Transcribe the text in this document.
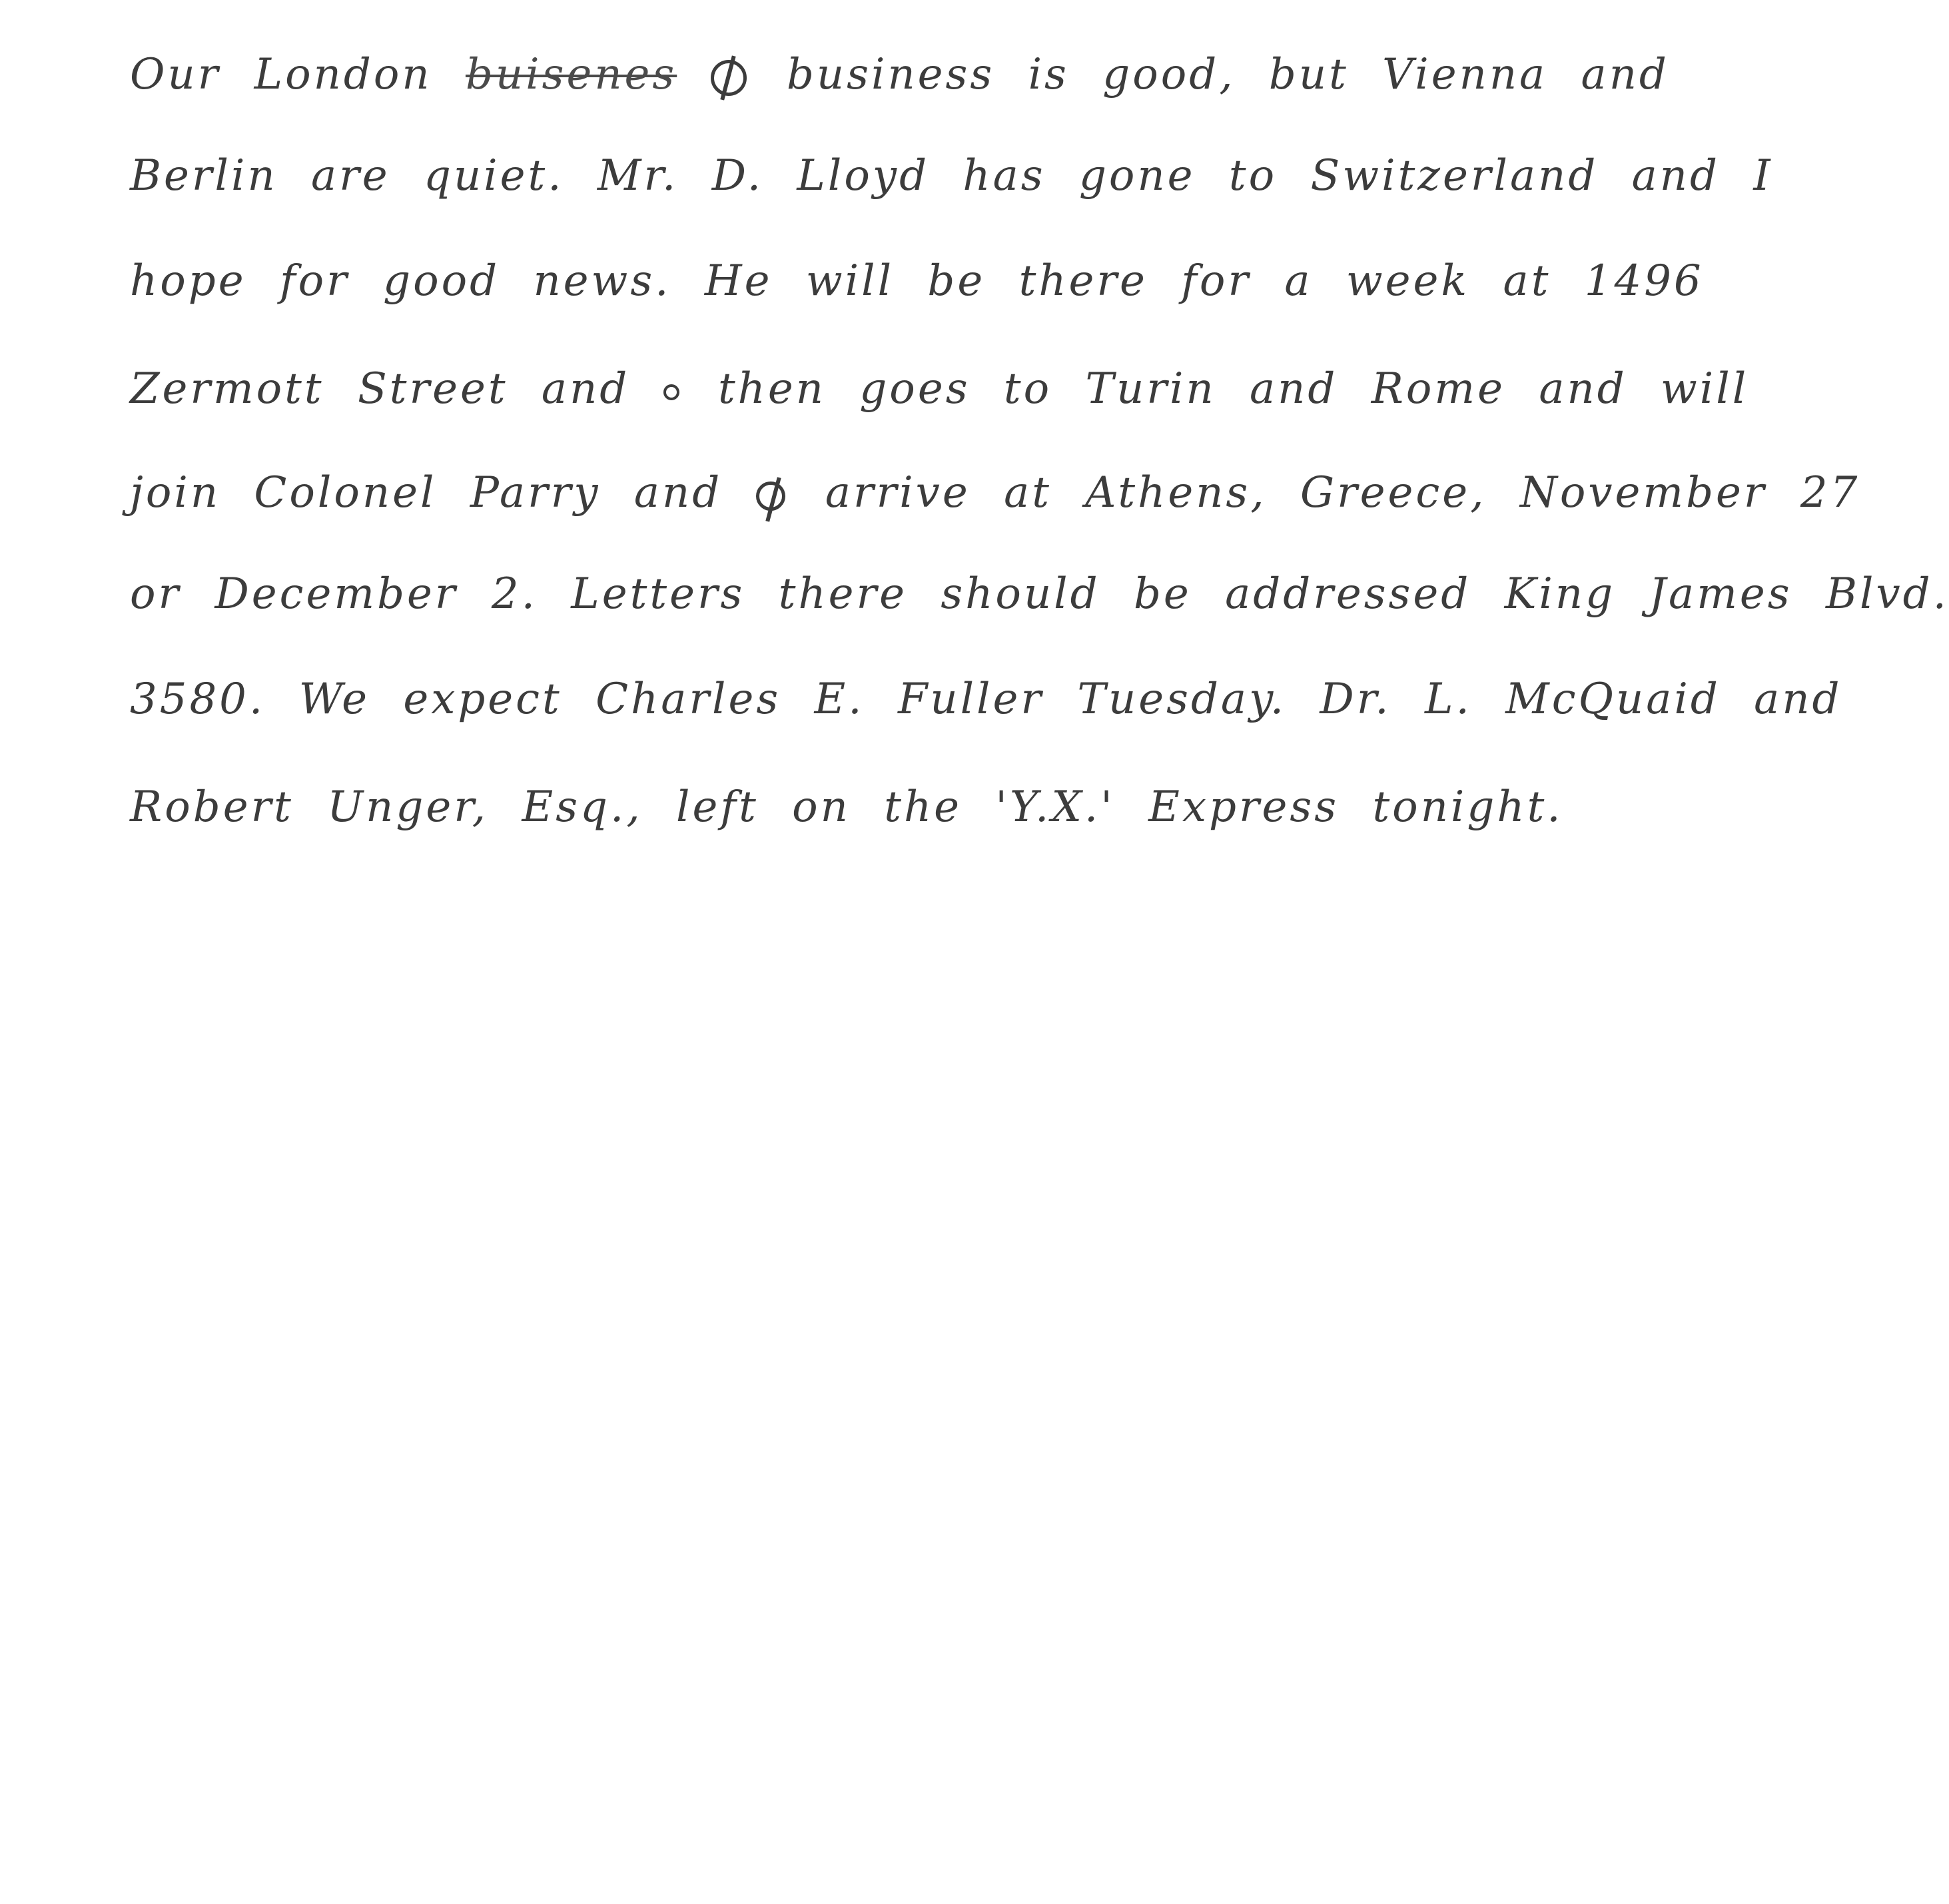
Our London buisenes	business is good, but Vienna and
Berlin are quiet. Mr. D. Lloyd has gone to Switzerland and I
hope for good news. He will be there for a week at 1496
Zermott Street and then goes to Turin and Rome and will
join Colonel Parry and arrive at Athens, Greece, November 27
or December 2. Letters there should be addressed King James Blvd.
3580. We expect Charles E. Fuller Tuesday. Dr. L. McQuaid and
Robert Unger, Esq., left on the 'Y.X.' Express tonight.
